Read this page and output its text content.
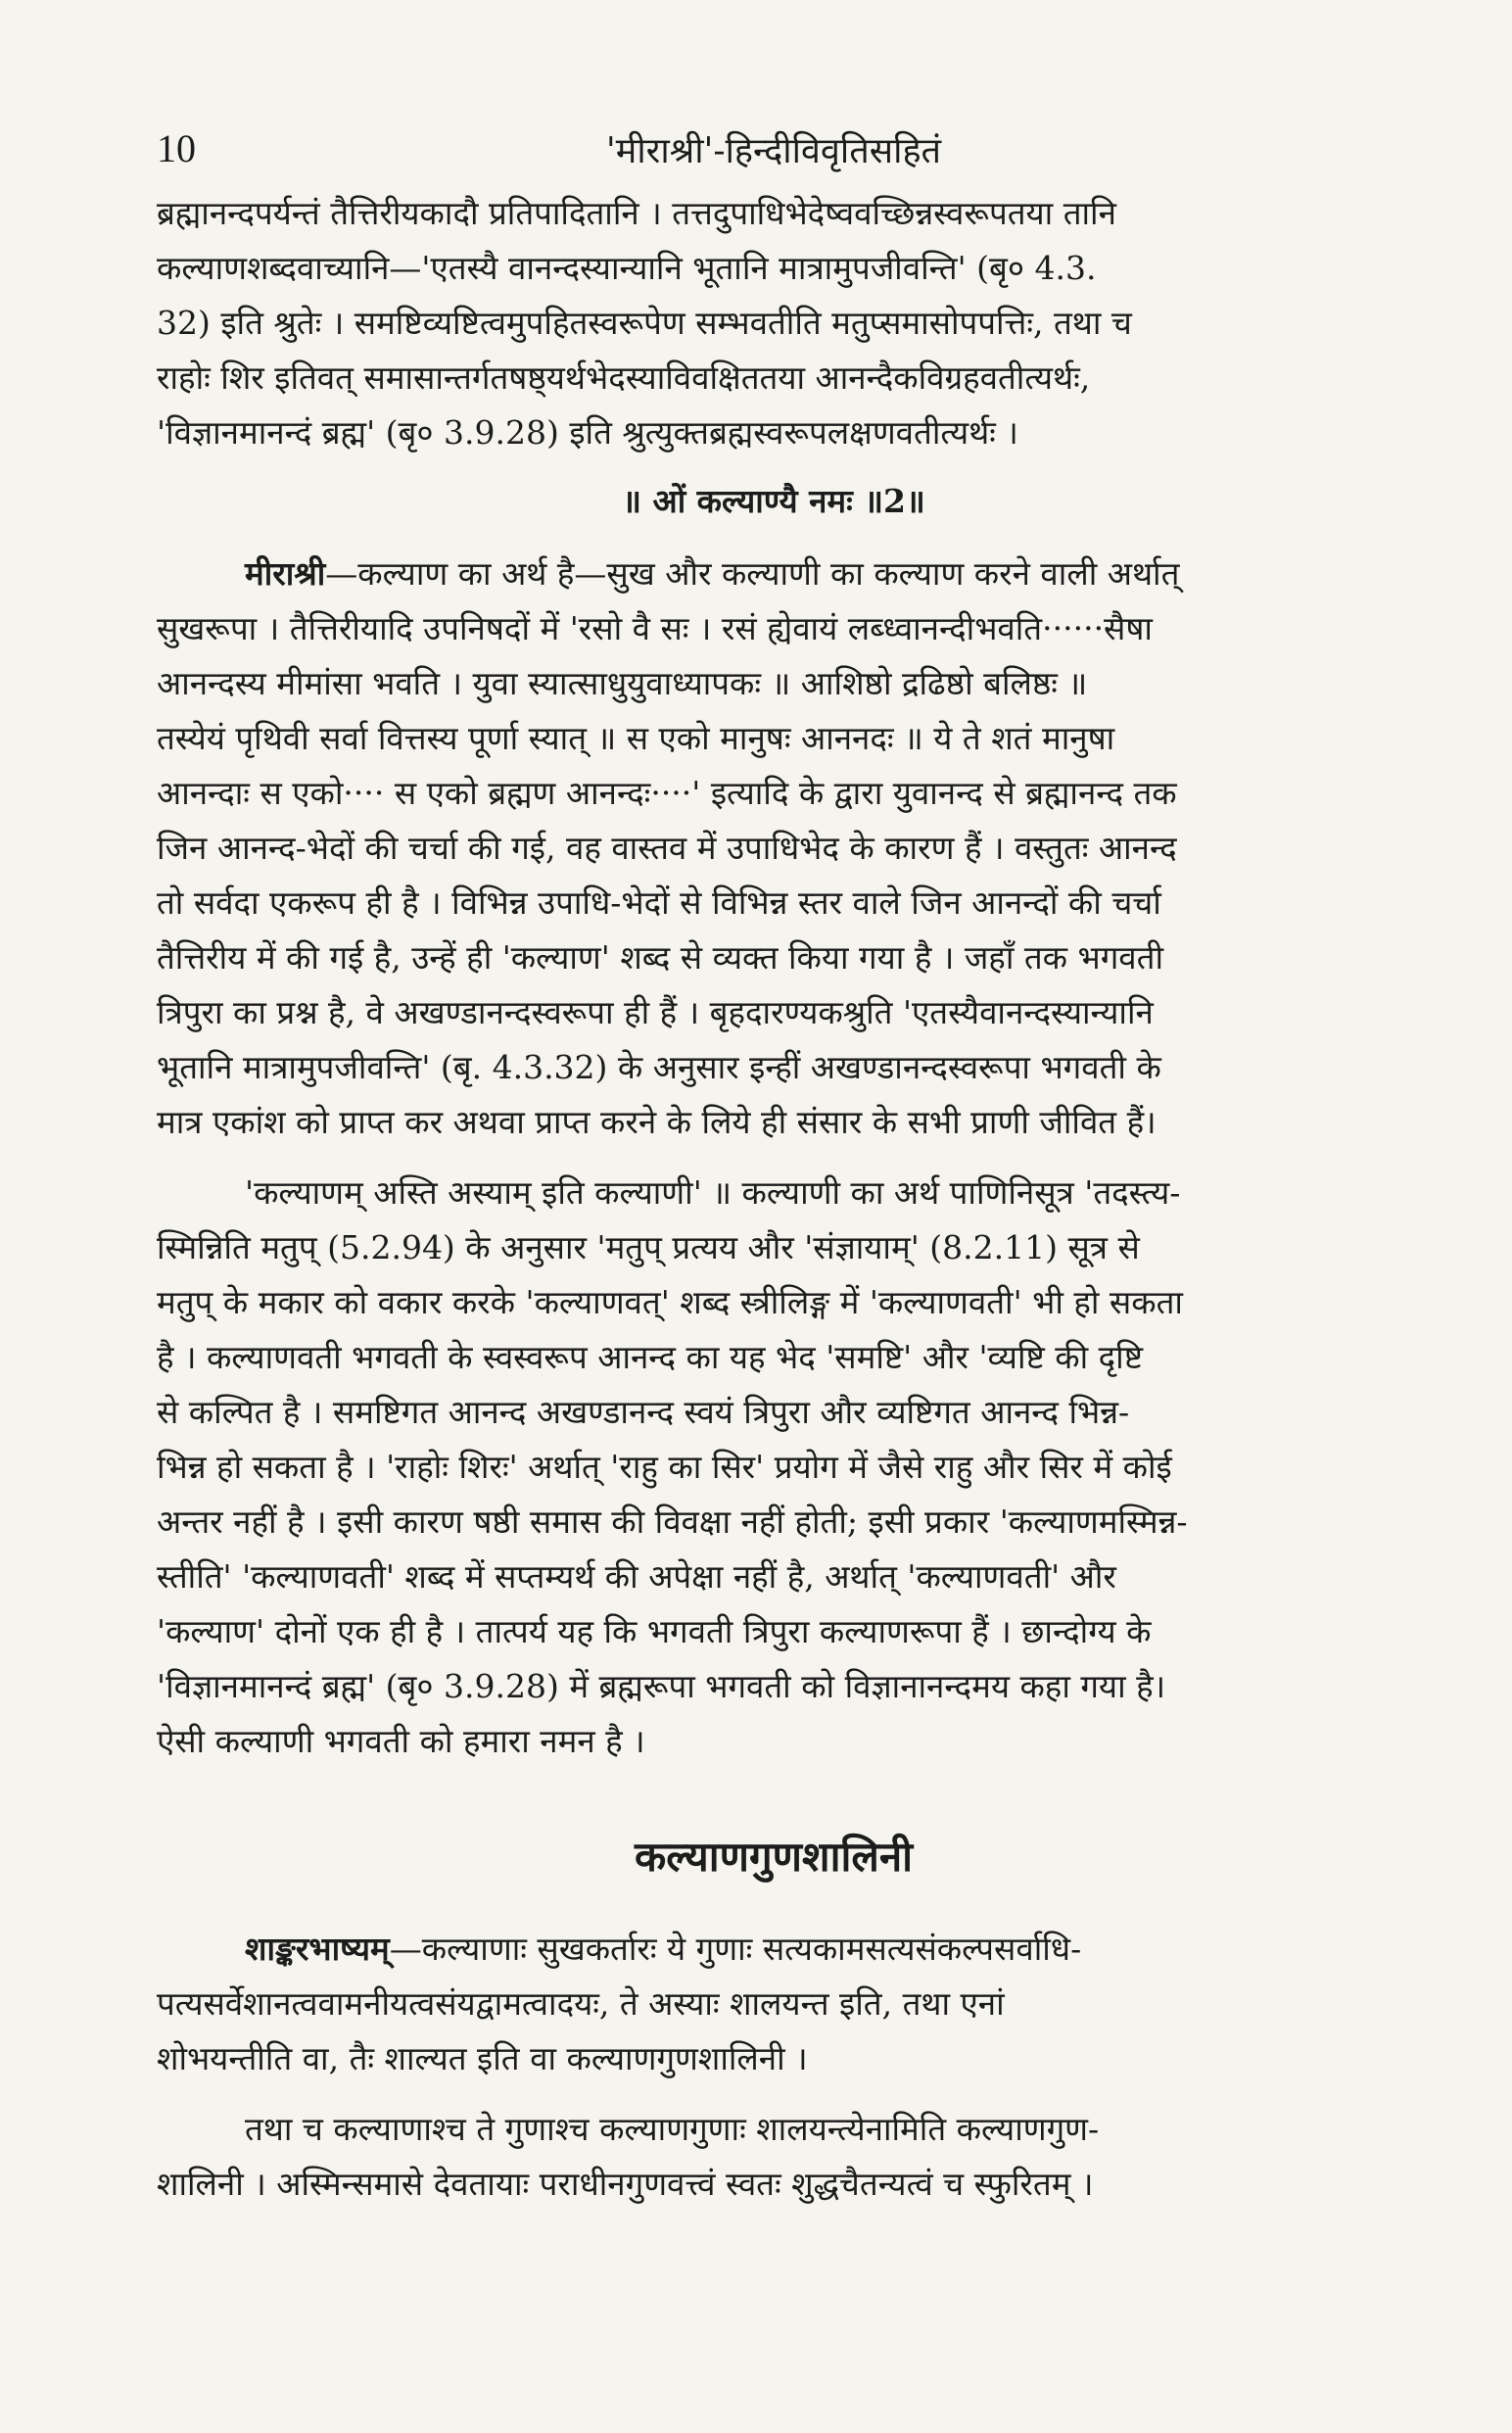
10	'मीराश्री'-हिन्दीविवृतिसहितं

ब्रह्मानन्दपर्यन्तं तैत्तिरीयकादौ प्रतिपादितानि । तत्तदुपाधिभेदेष्ववच्छिन्नस्वरूपतया तानि
कल्याणशब्दवाच्यानि—'एतस्यै वानन्दस्यान्यानि भूतानि मात्रामुपजीवन्ति' (बृ० 4.3.
32) इति श्रुतेः । समष्टिव्यष्टित्वमुपहितस्वरूपेण सम्भवतीति मतुप्समासोपपत्तिः, तथा च
राहोः शिर इतिवत् समासान्तर्गतषष्ठ्यर्थभेदस्याविवक्षिततया आनन्दैकविग्रहवतीत्यर्थः,
'विज्ञानमानन्दं ब्रह्म' (बृ० 3.9.28) इति श्रुत्युक्तब्रह्मस्वरूपलक्षणवतीत्यर्थः ।

॥ ओं कल्याण्यै नमः ॥2॥

मीराश्री—कल्याण का अर्थ है—सुख और कल्याणी का कल्याण करने वाली अर्थात्
सुखरूपा । तैत्तिरीयादि उपनिषदों में 'रसो वै सः । रसं ह्येवायं लब्ध्वानन्दीभवति······सैषा
आनन्दस्य मीमांसा भवति । युवा स्यात्साधुयुवाध्यापकः ॥ आशिष्ठो द्रढिष्ठो बलिष्ठः ॥
तस्येयं पृथिवी सर्वा वित्तस्य पूर्णा स्यात् ॥ स एको मानुषः आननदः ॥ ये ते शतं मानुषा
आनन्दाः स एको···· स एको ब्रह्मण आनन्दः····' इत्यादि के द्वारा युवानन्द से ब्रह्मानन्द तक
जिन आनन्द-भेदों की चर्चा की गई, वह वास्तव में उपाधिभेद के कारण हैं । वस्तुतः आनन्द
तो सर्वदा एकरूप ही है । विभिन्न उपाधि-भेदों से विभिन्न स्तर वाले जिन आनन्दों की चर्चा
तैत्तिरीय में की गई है, उन्हें ही 'कल्याण' शब्द से व्यक्त किया गया है । जहाँ तक भगवती
त्रिपुरा का प्रश्न है, वे अखण्डानन्दस्वरूपा ही हैं । बृहदारण्यकश्रुति 'एतस्यैवानन्दस्यान्यानि
भूतानि मात्रामुपजीवन्ति' (बृ. 4.3.32) के अनुसार इन्हीं अखण्डानन्दस्वरूपा भगवती के
मात्र एकांश को प्राप्त कर अथवा प्राप्त करने के लिये ही संसार के सभी प्राणी जीवित हैं।

'कल्याणम् अस्ति अस्याम् इति कल्याणी' ॥ कल्याणी का अर्थ पाणिनिसूत्र 'तदस्त्य-
स्मिन्निति मतुप् (5.2.94) के अनुसार 'मतुप् प्रत्यय और 'संज्ञायाम्' (8.2.11) सूत्र से
मतुप् के मकार को वकार करके 'कल्याणवत्' शब्द स्त्रीलिङ्ग में 'कल्याणवती' भी हो सकता
है । कल्याणवती भगवती के स्वस्वरूप आनन्द का यह भेद 'समष्टि' और 'व्यष्टि की दृष्टि
से कल्पित है । समष्टिगत आनन्द अखण्डानन्द स्वयं त्रिपुरा और व्यष्टिगत आनन्द भिन्न-
भिन्न हो सकता है । 'राहोः शिरः' अर्थात् 'राहु का सिर' प्रयोग में जैसे राहु और सिर में कोई
अन्तर नहीं है । इसी कारण षष्ठी समास की विवक्षा नहीं होती; इसी प्रकार 'कल्याणमस्मिन्न-
स्तीति' 'कल्याणवती' शब्द में सप्तम्यर्थ की अपेक्षा नहीं है, अर्थात् 'कल्याणवती' और
'कल्याण' दोनों एक ही है । तात्पर्य यह कि भगवती त्रिपुरा कल्याणरूपा हैं । छान्दोग्य के
'विज्ञानमानन्दं ब्रह्म' (बृ० 3.9.28) में ब्रह्मरूपा भगवती को विज्ञानानन्दमय कहा गया है।
ऐसी कल्याणी भगवती को हमारा नमन है ।

कल्याणगुणशालिनी

शाङ्करभाष्यम्—कल्याणाः सुखकर्तारः ये गुणाः सत्यकामसत्यसंकल्पसर्वाधि-
पत्यसर्वेशानत्ववामनीयत्वसंयद्वामत्वादयः, ते अस्याः शालयन्त इति, तथा एनां
शोभयन्तीति वा, तैः शाल्यत इति वा कल्याणगुणशालिनी ।

तथा च कल्याणाश्च ते गुणाश्च कल्याणगुणाः शालयन्त्येनामिति कल्याणगुण-
शालिनी । अस्मिन्समासे देवतायाः पराधीनगुणवत्त्वं स्वतः शुद्धचैतन्यत्वं च स्फुरितम् ।
